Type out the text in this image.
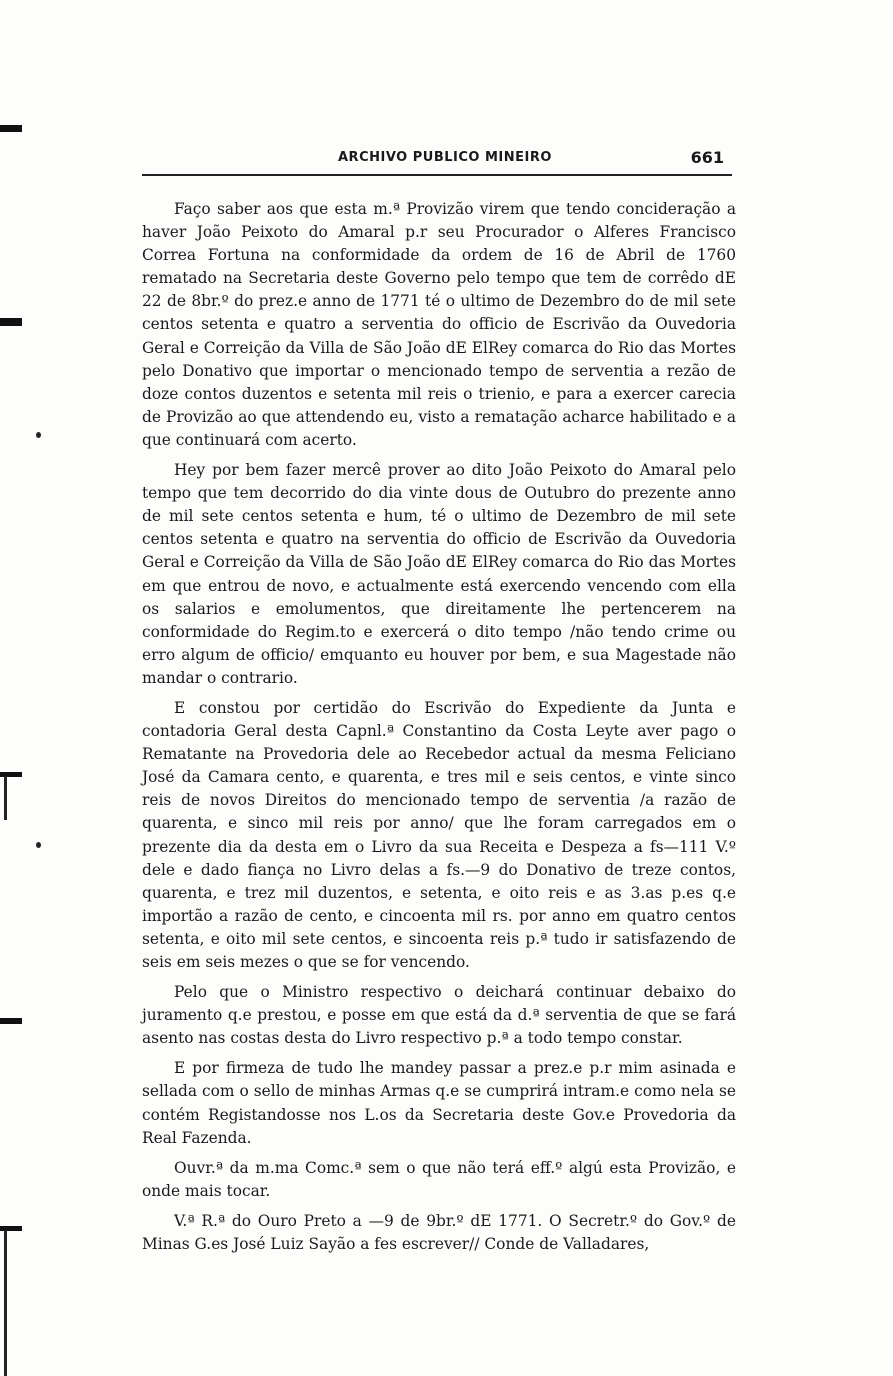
ARCHIVO PUBLICO MINEIRO	661

Faço saber aos que esta m.ª Provizão virem que tendo concideração a haver João Peixoto do Amaral p.r seu Procurador o Alferes Francisco Correa Fortuna na conformidade da ordem de 16 de Abril de 1760 rematado na Secretaria deste Governo pelo tempo que tem de corrêdo dE 22 de 8br.º do prez.e anno de 1771 té o ultimo de Dezembro do de mil sete centos setenta e quatro a serventia do officio de Escrivão da Ouvedoria Geral e Correição da Villa de São João dE ElRey comarca do Rio das Mortes pelo Donativo que importar o mencionado tempo de serventia a rezão de doze contos duzentos e setenta mil reis o trienio, e para a exercer carecia de Provizão ao que attendendo eu, visto a rematação acharce habilitado e a que continuará com acerto.

Hey por bem fazer mercê prover ao dito João Peixoto do Amaral pelo tempo que tem decorrido do dia vinte dous de Outubro do prezente anno de mil sete centos setenta e hum, té o ultimo de Dezembro de mil sete centos setenta e quatro na serventia do officio de Escrivão da Ouvedoria Geral e Correição da Villa de São João dE ElRey comarca do Rio das Mortes em que entrou de novo, e actualmente está exercendo vencendo com ella os salarios e emolumentos, que direitamente lhe pertencerem na conformidade do Regim.to e exercerá o dito tempo /não tendo crime ou erro algum de officio/ emquanto eu houver por bem, e sua Magestade não mandar o contrario.

E constou por certidão do Escrivão do Expediente da Junta e contadoria Geral desta Capnl.ª Constantino da Costa Leyte aver pago o Rematante na Provedoria dele ao Recebedor actual da mesma Feliciano José da Camara cento, e quarenta, e tres mil e seis centos, e vinte sinco reis de novos Direitos do mencionado tempo de serventia /a razão de quarenta, e sinco mil reis por anno/ que lhe foram carregados em o prezente dia da desta em o Livro da sua Receita e Despeza a fs—111 V.º dele e dado fiança no Livro delas a fs.—9 do Donativo de treze contos, quarenta, e trez mil duzentos, e setenta, e oito reis e as 3.as p.es q.e importão a razão de cento, e cincoenta mil rs. por anno em quatro centos setenta, e oito mil sete centos, e sincoenta reis p.ª tudo ir satisfazendo de seis em seis mezes o que se for vencendo.

Pelo que o Ministro respectivo o deichará continuar debaixo do juramento q.e prestou, e posse em que está da d.ª serventia de que se fará asento nas costas desta do Livro respectivo p.ª a todo tempo constar.

E por firmeza de tudo lhe mandey passar a prez.e p.r mim asinada e sellada com o sello de minhas Armas q.e se cumprirá intram.e como nela se contém Registandosse nos L.os da Secretaria deste Gov.e Provedoria da Real Fazenda.

Ouvr.ª da m.ma Comc.ª sem o que não terá eff.º algú esta Provizão, e onde mais tocar.

V.ª R.ª do Ouro Preto a —9 de 9br.º dE 1771. O Secretr.º do Gov.º de Minas G.es José Luiz Sayão a fes escrever// Conde de Valladares,
